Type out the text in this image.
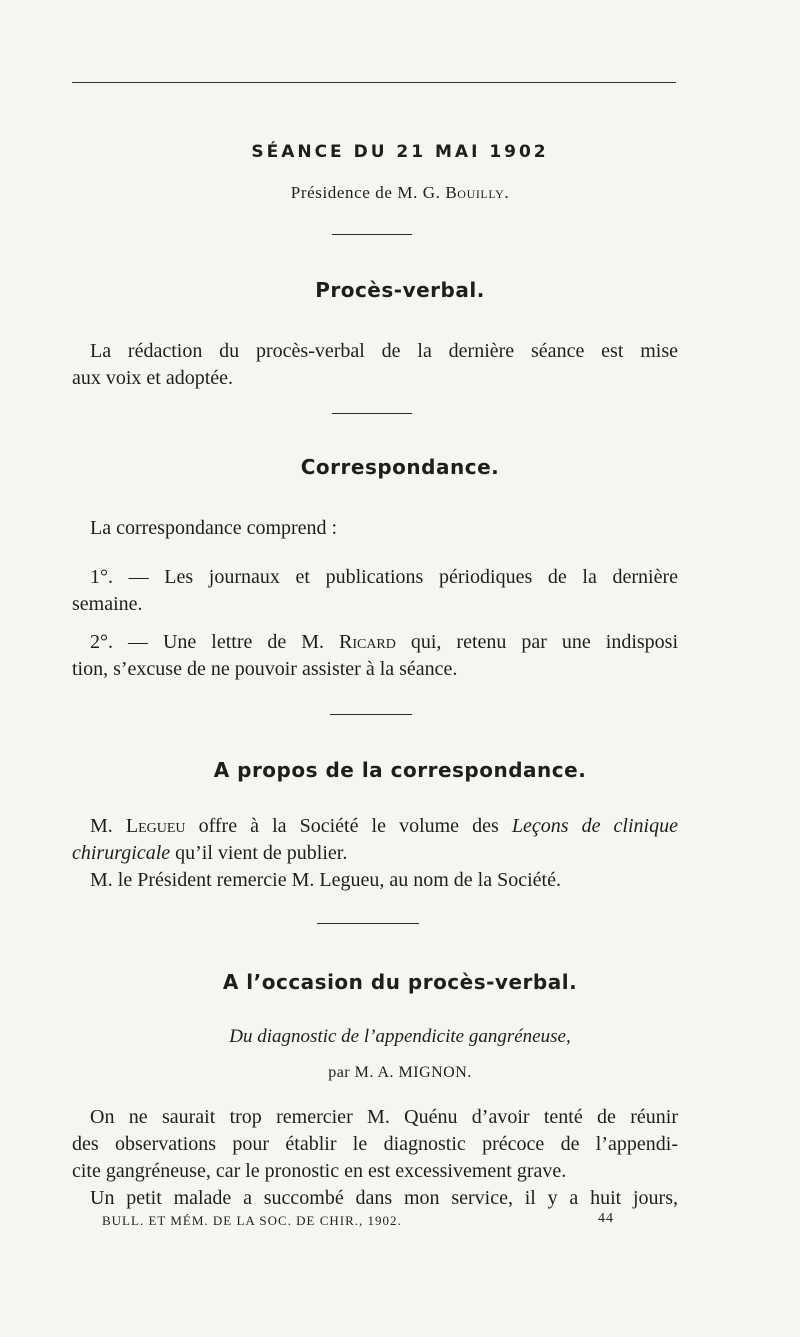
SÉANCE DU 21 MAI 1902
Présidence de M. G. Bouilly.
Procès-verbal.
La rédaction du procès-verbal de la dernière séance est mise
aux voix et adoptée.
Correspondance.
La correspondance comprend :
1°. — Les journaux et publications périodiques de la dernière
semaine.
2°. — Une lettre de M. Ricard qui, retenu par une indisposi
tion, s’excuse de ne pouvoir assister à la séance.
A propos de la correspondance.
M. Legueu offre à la Société le volume des Leçons de clinique
chirurgicale qu’il vient de publier.
M. le Président remercie M. Legueu, au nom de la Société.
A l’occasion du procès-verbal.
Du diagnostic de l’appendicite gangréneuse,
par M. A. MIGNON.
On ne saurait trop remercier M. Quénu d’avoir tenté de réunir
des observations pour établir le diagnostic précoce de l’appendi-
cite gangréneuse, car le pronostic en est excessivement grave.
Un petit malade a succombé dans mon service, il y a huit jours,
BULL. ET MÉM. DE LA SOC. DE CHIR., 1902.	44
